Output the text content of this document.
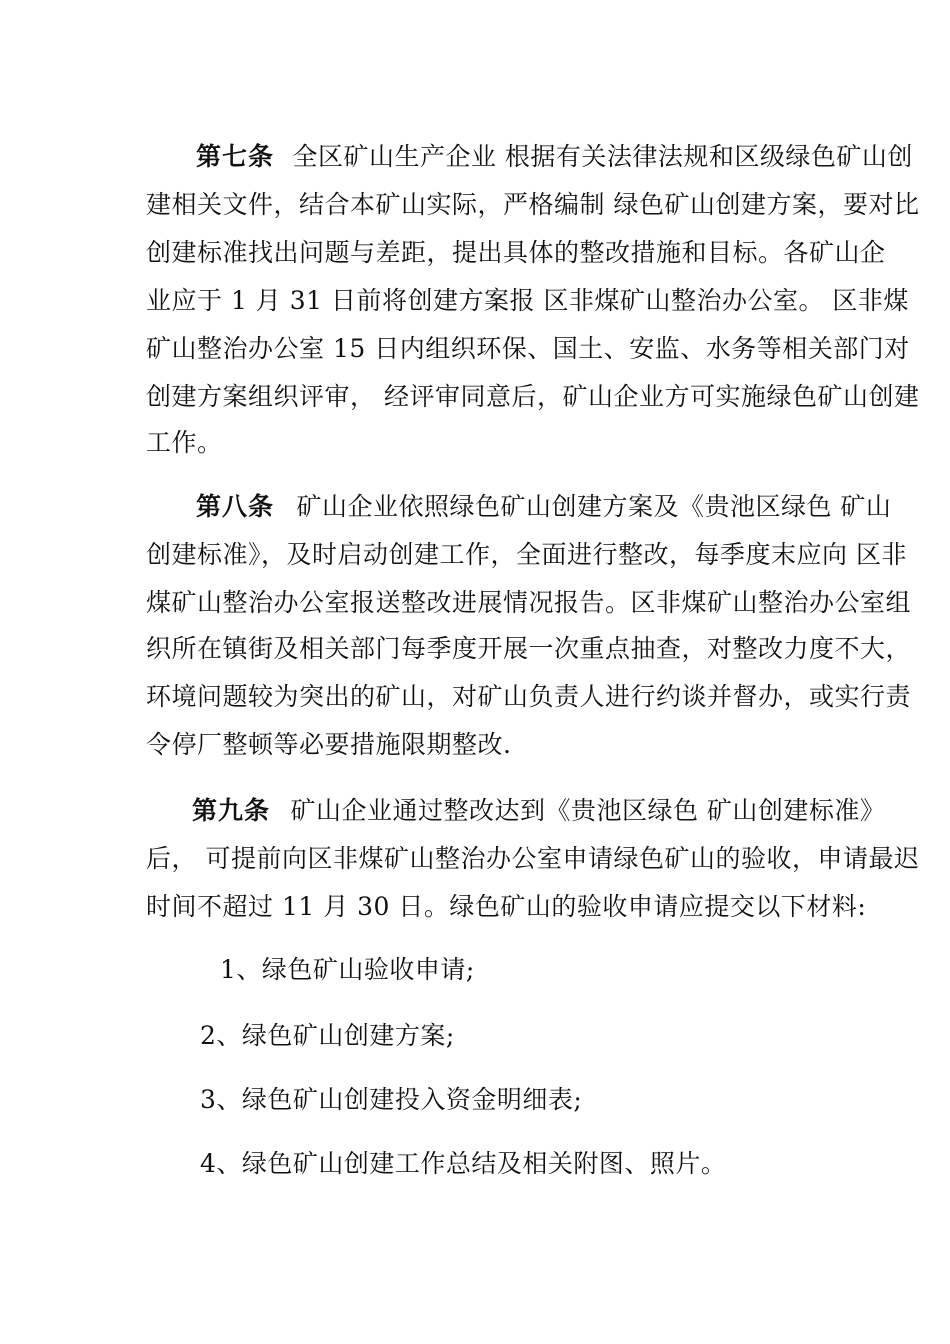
第七条 全区矿山生产企业 根据有关法律法规和区级绿色矿山创
建相关文件，结合本矿山实际，严格编制 绿色矿山创建方案，要对比
创建标准找出问题与差距，提出具体的整改措施和目标。各矿山企
业应于 1 月 31 日前将创建方案报 区非煤矿山整治办公室。 区非煤
矿山整治办公室 15 日内组织环保、国土、安监、水务等相关部门对
创建方案组织评审， 经评审同意后，矿山企业方可实施绿色矿山创建
工作。
第八条 矿山企业依照绿色矿山创建方案及《贵池区绿色 矿山
创建标准》，及时启动创建工作，全面进行整改，每季度末应向 区非
煤矿山整治办公室报送整改进展情况报告。区非煤矿山整治办公室组
织所在镇街及相关部门每季度开展一次重点抽查，对整改力度不大，
环境问题较为突出的矿山，对矿山负责人进行约谈并督办，或实行责
令停厂整顿等必要措施限期整改.
第九条 矿山企业通过整改达到《贵池区绿色 矿山创建标准》
后， 可提前向区非煤矿山整治办公室申请绿色矿山的验收，申请最迟
时间不超过 11 月 30 日。绿色矿山的验收申请应提交以下材料:
1、绿色矿山验收申请;
2、绿色矿山创建方案;
3、绿色矿山创建投入资金明细表;
4、绿色矿山创建工作总结及相关附图、照片。
